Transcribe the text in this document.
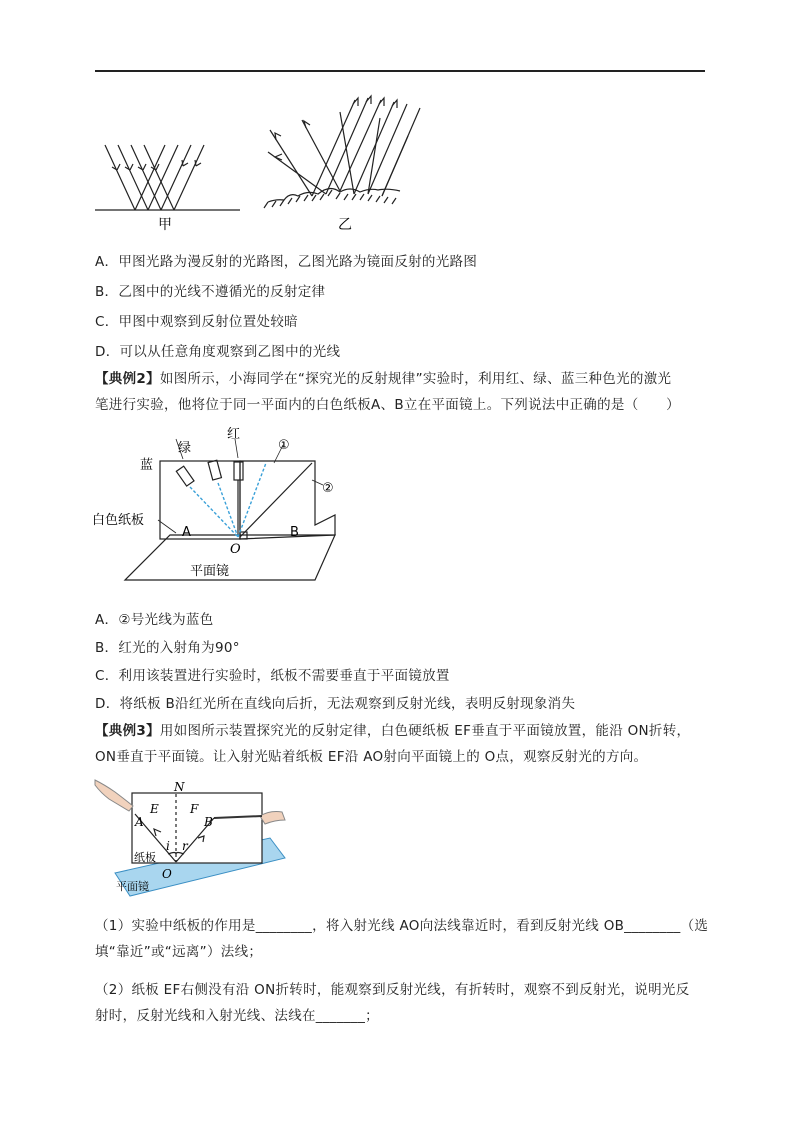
甲	乙
A．甲图光路为漫反射的光路图，乙图光路为镜面反射的光路图
B．乙图中的光线不遵循光的反射定律
C．甲图中观察到反射位置处较暗
D．可以从任意角度观察到乙图中的光线
【典例2】如图所示，小海同学在“探究光的反射规律”实验时，利用红、绿、蓝三种色光的激光
笔进行实验，他将位于同一平面内的白色纸板A、B立在平面镜上。下列说法中正确的是（　　）
绿
红
蓝
①
②
白色纸板
A	B
O
平面镜
A．②号光线为蓝色
B．红光的入射角为90°
C．利用该装置进行实验时，纸板不需要垂直于平面镜放置
D．将纸板 B沿红光所在直线向后折，无法观察到反射光线，表明反射现象消失
【典例3】用如图所示装置探究光的反射定律，白色硬纸板 EF垂直于平面镜放置，能沿 ON折转，
ON垂直于平面镜。让入射光贴着纸板 EF沿 AO射向平面镜上的 O点，观察反射光的方向。
N
E	F
A	B
i r
O
纸板
平面镜
（1）实验中纸板的作用是________，将入射光线 AO向法线靠近时，看到反射光线 OB________（选
填“靠近”或“远离”）法线；
（2）纸板 EF右侧没有沿 ON折转时，能观察到反射光线，有折转时，观察不到反射光，说明光反
射时，反射光线和入射光线、法线在_______；
